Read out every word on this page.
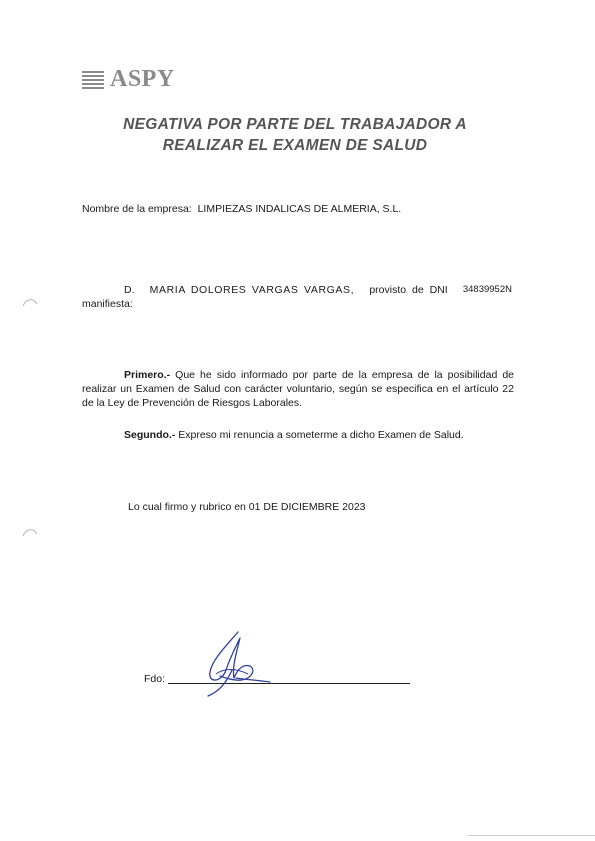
ASPY
NEGATIVA POR PARTE DEL TRABAJADOR A
REALIZAR EL EXAMEN DE SALUD
Nombre de la empresa: LIMPIEZAS INDALICAS DE ALMERIA, S.L.
D. MARIA DOLORES VARGAS VARGAS, provisto de DNI 34839952N
manifiesta:
Primero.- Que he sido informado por parte de la empresa de la posibilidad de realizar un Examen de Salud con carácter voluntario, según se especifica en el artículo 22 de la Ley de Prevención de Riesgos Laborales.
Segundo.- Expreso mi renuncia a someterme a dicho Examen de Salud.
Lo cual firmo y rubrico en 01 DE DICIEMBRE 2023
Fdo:
